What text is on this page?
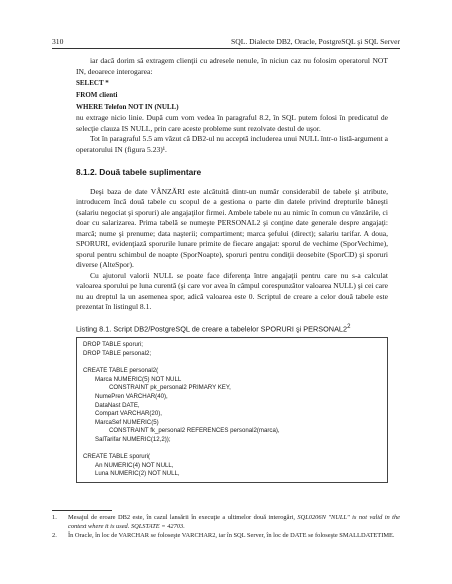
310	SQL. Dialecte DB2, Oracle, PostgreSQL şi SQL Server

iar dacă dorim să extragem clienţii cu adresele nenule, în niciun caz nu folosim operatorul NOT IN, deoarece interogarea:

SELECT *
FROM clienti
WHERE Telefon NOT IN (NULL)

nu extrage nicio linie. După cum vom vedea în paragraful 8.2, în SQL putem folosi în predicatul de selecţie clauza IS NULL, prin care aceste probleme sunt rezolvate destul de uşor.

Tot în paragraful 5.5 am văzut că DB2-ul nu acceptă includerea unui NULL într-o listă-argument a operatorului IN (figura 5.23)¹.

8.1.2. Două tabele suplimentare

Deşi baza de date VÂNZĂRI este alcătuită dintr-un număr considerabil de tabele şi atribute, introducem încă două tabele cu scopul de a gestiona o parte din datele privind drepturile băneşti (salariu negociat şi sporuri) ale angajaţilor firmei. Ambele tabele nu au nimic în comun cu vânzările, ci doar cu salarizarea. Prima tabelă se numeşte PERSONAL2 şi conţine date generale despre angajaţi: marcă; nume şi prenume; data naşterii; compartiment; marca şefului (direct); salariu tarifar. A doua, SPORURI, evidenţiază sporurile lunare primite de fiecare angajat: sporul de vechime (SporVechime), sporul pentru schimbul de noapte (SporNoapte), sporuri pentru condiţii deosebite (SporCD) şi sporuri diverse (AlteSpor).

Cu ajutorul valorii NULL se poate face diferenţa între angajaţii pentru care nu s-a calculat valoarea sporului pe luna curentă (şi care vor avea în câmpul corespunzător valoarea NULL) şi cei care nu au dreptul la un asemenea spor, adică valoarea este 0. Scriptul de creare a celor două tabele este prezentat în listingul 8.1.

Listing 8.1. Script DB2/PostgreSQL de creare a tabelelor SPORURI şi $PERSONAL2^2$
DROP TABLE sporuri;
DROP TABLE personal2;
CREATE TABLE personal2(
Marca NUMERIC(5) NOT NULL
CONSTRAINT pk_personal2 PRIMARY KEY,
NumePren VARCHAR(40),
DataNast DATE,
Compart VARCHAR(20),
MarcaSef NUMERIC(5)
CONSTRAINT fk_personal2 REFERENCES personal2(marca),
SalTarifar NUMERIC(12,2));
CREATE TABLE sporuri(
An NUMERIC(4) NOT NULL,
Luna NUMERIC(2) NOT NULL,
1.	Mesajul de eroare DB2 este, în cazul lansării în execuţie a ultimelor două interogări, SQL0206N "NULL" is not valid in the context where it is used. SQLSTATE = 42703.
2.	În Oracle, în loc de VARCHAR se foloseşte VARCHAR2, iar în SQL Server, în loc de DATE se foloseşte SMALLDATETIME.
